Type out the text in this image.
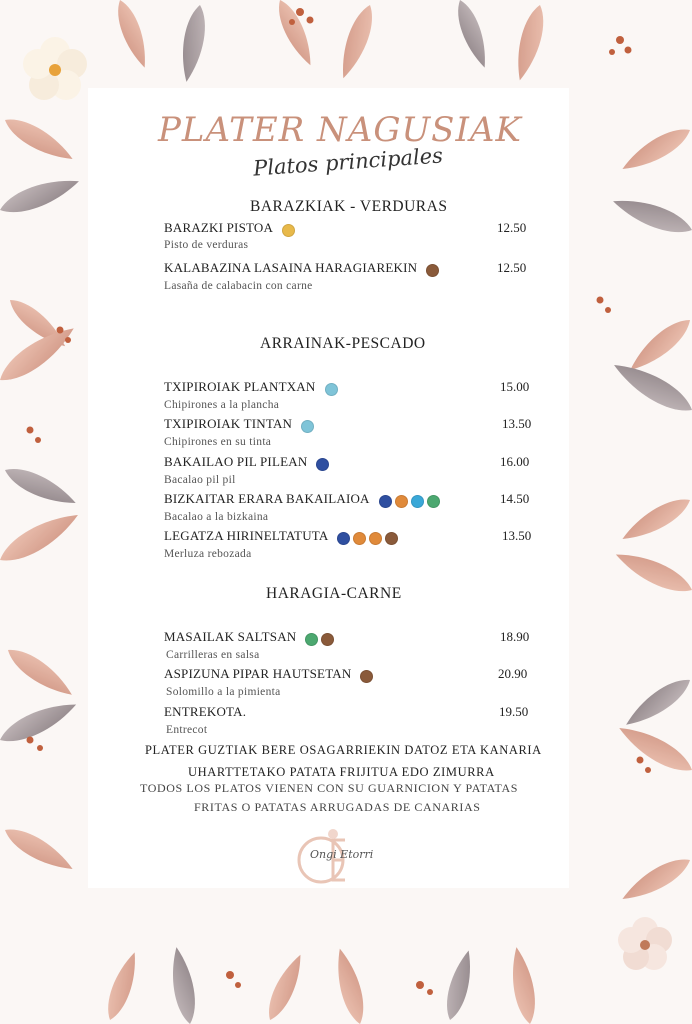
PLATER NAGUSIAK
Platos principales
BARAZKIAK - VERDURAS
BARAZKI PISTOA	12.50
Pisto de verduras
KALABAZINA LASAINA HARAGIAREKIN	12.50
Lasaña de calabacin con carne
ARRAINAK-PESCADO
TXIPIROIAK PLANTXAN	15.00
Chipirones a la plancha
TXIPIROIAK TINTAN	13.50
Chipirones en su tinta
BAKAILAO PIL PILEAN	16.00
Bacalao pil pil
BIZKAITAR ERARA BAKAILAIOA	14.50
Bacalao a la bizkaina
LEGATZA HIRINELTATUTA	13.50
Merluza rebozada
HARAGIA-CARNE
MASAILAK SALTSAN	18.90
Carrilleras en salsa
ASPIZUNA PIPAR HAUTSETAN	20.90
Solomillo a la pimienta
ENTREKOTA.	19.50
Entrecot
PLATER GUZTIAK BERE OSAGARRIEKIN DATOZ ETA KANARIA
UHARTTETAKO PATATA FRIJITUA EDO ZIMURRA
TODOS LOS PLATOS VIENEN CON SU GUARNICION Y PATATAS
FRITAS O PATATAS ARRUGADAS DE CANARIAS
Ongi Etorri
